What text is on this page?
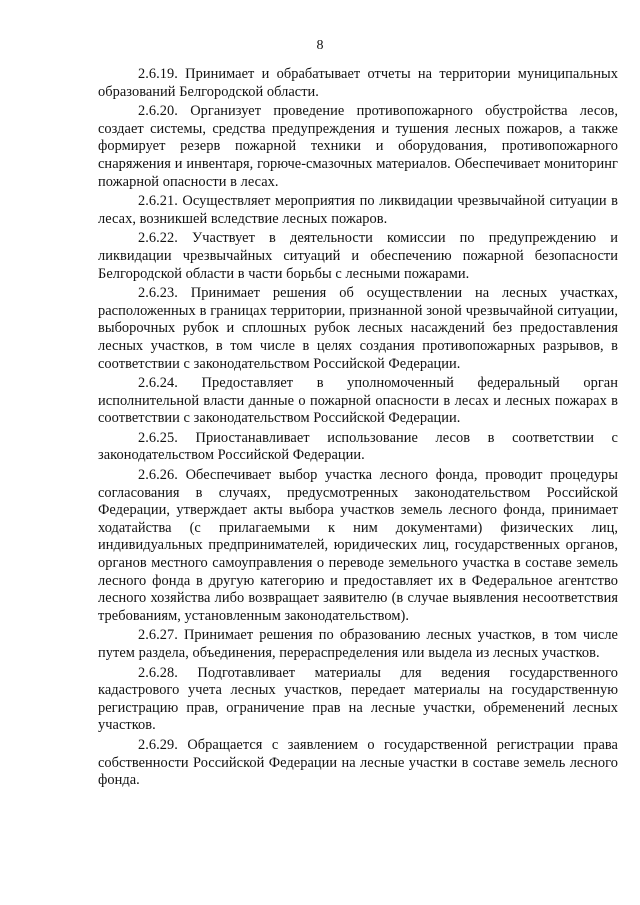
8

2.6.19. Принимает и обрабатывает отчеты на территории муниципальных образований Белгородской области.

2.6.20. Организует проведение противопожарного обустройства лесов, создает системы, средства предупреждения и тушения лесных пожаров, а также формирует резерв пожарной техники и оборудования, противопожарного снаряжения и инвентаря, горюче-смазочных материалов. Обеспечивает мониторинг пожарной опасности в лесах.

2.6.21. Осуществляет мероприятия по ликвидации чрезвычайной ситуации в лесах, возникшей вследствие лесных пожаров.

2.6.22. Участвует в деятельности комиссии по предупреждению и ликвидации чрезвычайных ситуаций и обеспечению пожарной безопасности Белгородской области в части борьбы с лесными пожарами.

2.6.23. Принимает решения об осуществлении на лесных участках, расположенных в границах территории, признанной зоной чрезвычайной ситуации, выборочных рубок и сплошных рубок лесных насаждений без предоставления лесных участков, в том числе в целях создания противопожарных разрывов, в соответствии с законодательством Российской Федерации.

2.6.24. Предоставляет в уполномоченный федеральный орган исполнительной власти данные о пожарной опасности в лесах и лесных пожарах в соответствии с законодательством Российской Федерации.

2.6.25. Приостанавливает использование лесов в соответствии с законодательством Российской Федерации.

2.6.26. Обеспечивает выбор участка лесного фонда, проводит процедуры согласования в случаях, предусмотренных законодательством Российской Федерации, утверждает акты выбора участков земель лесного фонда, принимает ходатайства (с прилагаемыми к ним документами) физических лиц, индивидуальных предпринимателей, юридических лиц, государственных органов, органов местного самоуправления о переводе земельного участка в составе земель лесного фонда в другую категорию и предоставляет их в Федеральное агентство лесного хозяйства либо возвращает заявителю (в случае выявления несоответствия требованиям, установленным законодательством).

2.6.27. Принимает решения по образованию лесных участков, в том числе путем раздела, объединения, перераспределения или выдела из лесных участков.

2.6.28. Подготавливает материалы для ведения государственного кадастрового учета лесных участков, передает материалы на государственную регистрацию прав, ограничение прав на лесные участки, обременений лесных участков.

2.6.29. Обращается с заявлением о государственной регистрации права собственности Российской Федерации на лесные участки в составе земель лесного фонда.
